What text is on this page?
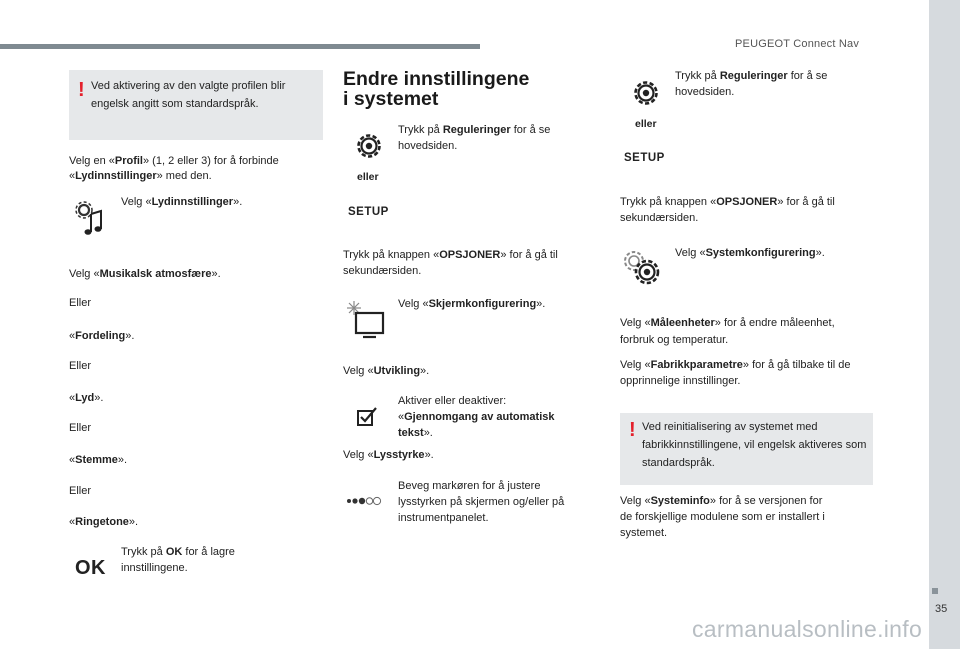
PEUGEOT Connect Nav
35
! Ved aktivering av den valgte profilen blir engelsk angitt som standardspråk.
Velg en «Profil» (1, 2 eller 3) for å forbinde
«Lydinnstillinger» med den.
Velg «Lydinnstillinger».
Velg «Musikalsk atmosfære».
Eller
«Fordeling».
Eller
«Lyd».
Eller
«Stemme».
Eller
«Ringetone».
OK
Trykk på OK for å lagre
innstillingene.
Endre innstillingene
i systemet
Trykk på Reguleringer for å se
hovedsiden.
eller
SETUP
Trykk på knappen «OPSJONER» for å gå til
sekundærsiden.
Velg «Skjermkonfigurering».
Velg «Utvikling».
Aktiver eller deaktiver:
«Gjennomgang av automatisk
tekst».
Velg «Lysstyrke».
Beveg markøren for å justere
lysstyrken på skjermen og/eller på
instrumentpanelet.
Trykk på Reguleringer for å se
hovedsiden.
eller
SETUP
Trykk på knappen «OPSJONER» for å gå til
sekundærsiden.
Velg «Systemkonfigurering».
Velg «Måleenheter» for å endre måleenhet,
forbruk og temperatur.
Velg «Fabrikkparametre» for å gå tilbake til de
opprinnelige innstillinger.
! Ved reinitialisering av systemet med fabrikkinnstillingene, vil engelsk aktiveres som standardspråk.
Velg «Systeminfo» for å se versjonen for
de forskjellige modulene som er installert i
systemet.
carmanualsonline.info
